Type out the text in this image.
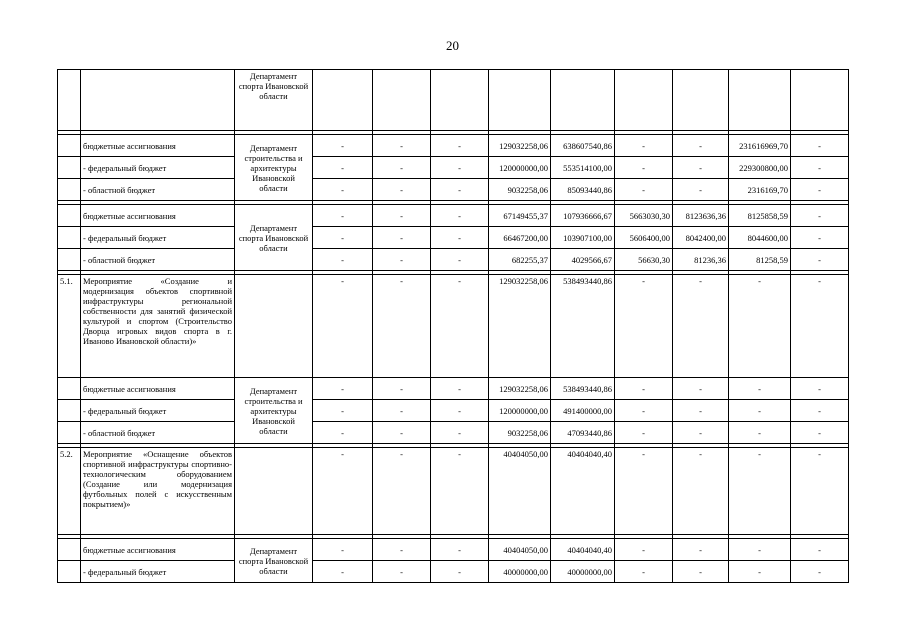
20
		Департамент спорта Ивановской области									

	бюджетные ассигнования	Департамент строительства и архитектуры Ивановской области	-	-	-	129032258,06	638607540,86	-	-	231616969,70	-
	- федеральный бюджет		-	-	-	120000000,00	553514100,00	-	-	229300800,00	-
	- областной бюджет		-	-	-	9032258,06	85093440,86	-	-	2316169,70	-

	бюджетные ассигнования	Департамент спорта Ивановской области	-	-	-	67149455,37	107936666,67	5663030,30	8123636,36	8125858,59	-
	- федеральный бюджет		-	-	-	66467200,00	103907100,00	5606400,00	8042400,00	8044600,00	-
	- областной бюджет		-	-	-	682255,37	4029566,67	56630,30	81236,36	81258,59	-

5.1.	Мероприятие «Создание и модернизация объектов спортивной инфраструктуры региональной собственности для занятий физической культурой и спортом (Строительство Дворца игровых видов спорта в г. Иваново Ивановской области)»		-	-	-	129032258,06	538493440,86	-	-	-	-
	бюджетные ассигнования	Департамент строительства и архитектуры Ивановской области	-	-	-	129032258,06	538493440,86	-	-	-	-
	- федеральный бюджет		-	-	-	120000000,00	491400000,00	-	-	-	-
	- областной бюджет		-	-	-	9032258,06	47093440,86	-	-	-	-

5.2.	Мероприятие «Оснащение объектов спортивной инфраструктуры спортивно-технологическим оборудованием (Создание или модернизация футбольных полей с искусственным покрытием)»		-	-	-	40404050,00	40404040,40	-	-	-	-

	бюджетные ассигнования	Департамент спорта Ивановской области	-	-	-	40404050,00	40404040,40	-	-	-	-
	- федеральный бюджет		-	-	-	40000000,00	40000000,00	-	-	-	-
